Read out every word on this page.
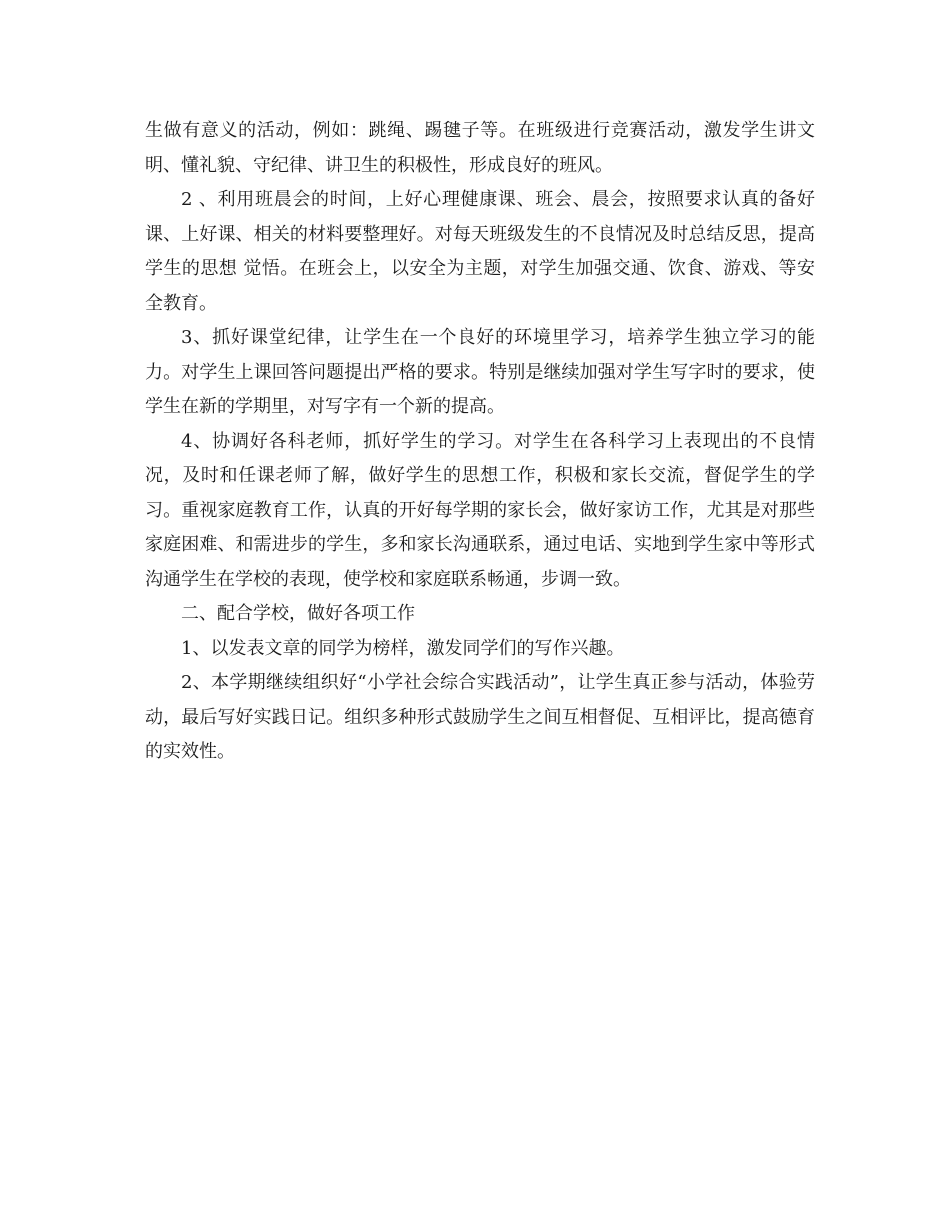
生做有意义的活动，例如：跳绳、踢毽子等。在班级进行竞赛活动，激发学生讲文明、懂礼貌、守纪律、讲卫生的积极性，形成良好的班风。

2 、利用班晨会的时间，上好心理健康课、班会、晨会，按照要求认真的备好课、上好课、相关的材料要整理好。对每天班级发生的不良情况及时总结反思，提高学生的思想 觉悟。在班会上，以安全为主题，对学生加强交通、饮食、游戏、等安全教育。

3、抓好课堂纪律，让学生在一个良好的环境里学习，培养学生独立学习的能力。对学生上课回答问题提出严格的要求。特别是继续加强对学生写字时的要求，使学生在新的学期里，对写字有一个新的提高。

4、协调好各科老师，抓好学生的学习。对学生在各科学习上表现出的不良情况，及时和任课老师了解，做好学生的思想工作，积极和家长交流，督促学生的学习。重视家庭教育工作，认真的开好每学期的家长会，做好家访工作，尤其是对那些家庭困难、和需进步的学生，多和家长沟通联系，通过电话、实地到学生家中等形式沟通学生在学校的表现，使学校和家庭联系畅通，步调一致。

二、配合学校，做好各项工作

1、以发表文章的同学为榜样，激发同学们的写作兴趣。

2、本学期继续组织好“小学社会综合实践活动”，让学生真正参与活动，体验劳动，最后写好实践日记。组织多种形式鼓励学生之间互相督促、互相评比，提高德育的实效性。
